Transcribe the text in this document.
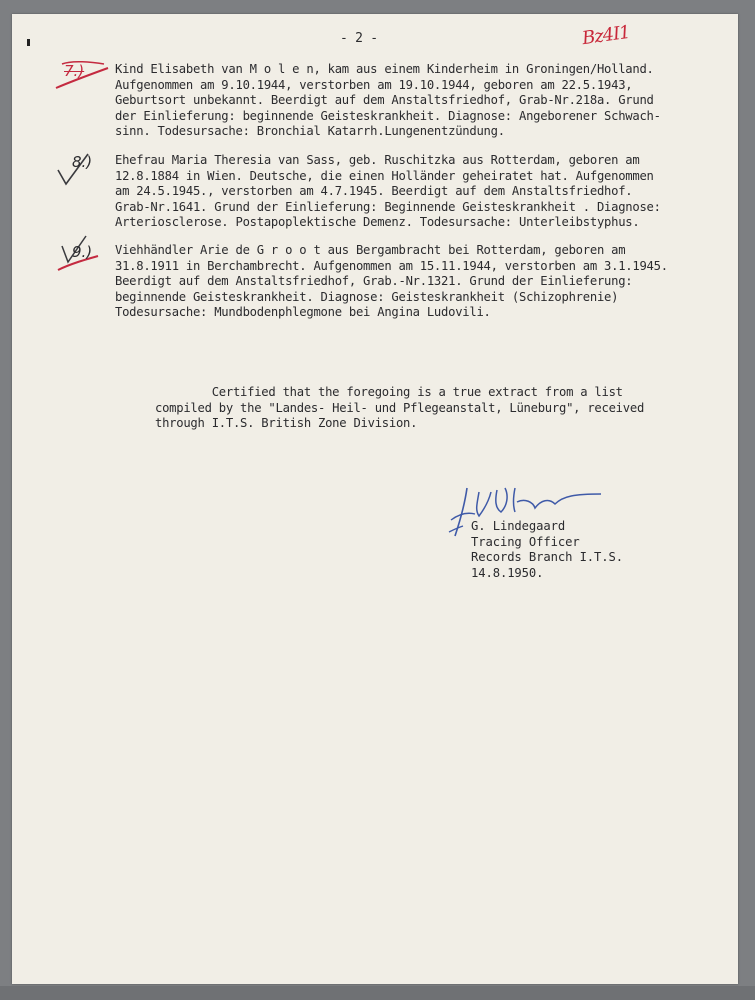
- 2 -	Bz4I1
7.)	Kind Elisabeth van M o l e n, kam aus einem Kinderheim in Groningen/Holland.
Aufgenommen am 9.10.1944, verstorben am 19.10.1944, geboren am 22.5.1943,
Geburtsort unbekannt. Beerdigt auf dem Anstaltsfriedhof, Grab-Nr.218a. Grund
der Einlieferung: beginnende Geisteskrankheit. Diagnose: Angeborener Schwach-
sinn. Todesursache: Bronchial Katarrh.Lungenentzündung.
8.) Ehefrau Maria Theresia van Sass, geb. Ruschitzka aus Rotterdam, geboren am
12.8.1884 in Wien. Deutsche, die einen Holländer geheiratet hat. Aufgenommen
am 24.5.1945., verstorben am 4.7.1945. Beerdigt auf dem Anstaltsfriedhof.
Grab-Nr.1641. Grund der Einlieferung: Beginnende Geisteskrankheit . Diagnose:
Arteriosclerose. Postapoplektische Demenz. Todesursache: Unterleibstyphus.
9.) Viehhändler Arie de G r o o t aus Bergambracht bei Rotterdam, geboren am
31.8.1911 in Berchambrecht. Aufgenommen am 15.11.1944, verstorben am 3.1.1945.
Beerdigt auf dem Anstaltsfriedhof, Grab.-Nr.1321. Grund der Einlieferung:
beginnende Geisteskrankheit. Diagnose: Geisteskrankheit (Schizophrenie)
Todesursache: Mundbodenphlegmone bei Angina Ludovili.
Certified that the foregoing is a true extract from a list
compiled by the "Landes- Heil- und Pflegeanstalt, Lüneburg", received
through I.T.S. British Zone Division.
G. Lindegaard
Tracing Officer
Records Branch I.T.S.
14.8.1950.
